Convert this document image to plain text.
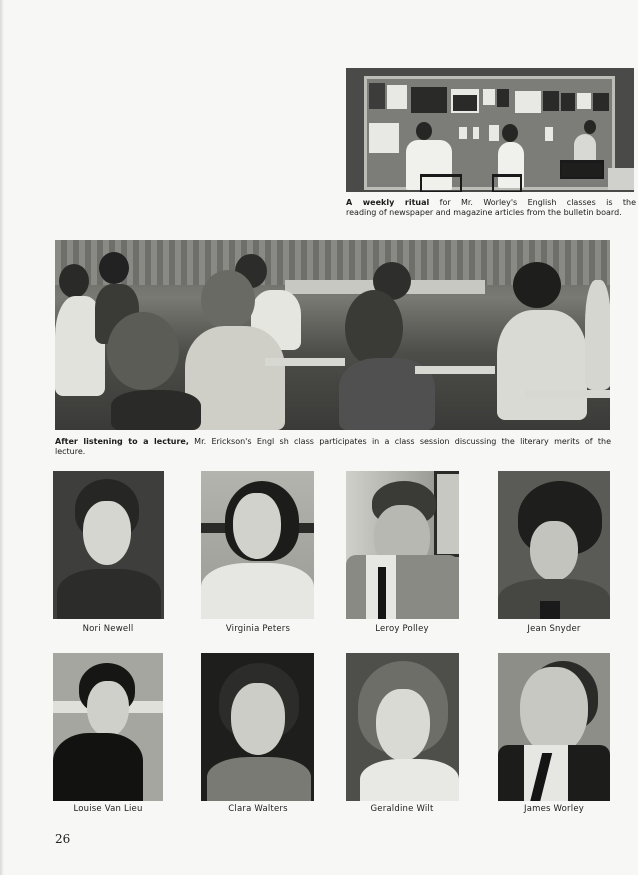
A weekly ritual for Mr. Worley's English classes is the
reading of newspaper and magazine articles from the bulletin board.
After listening to a lecture, Mr. Erickson's Engl sh class participates in a class session discussing the literary merits of the lecture.
Nori Newell	Virginia Peters	Leroy Polley	Jean Snyder
Louise Van Lieu	Clara Walters	Geraldine Wilt	James Worley
26
